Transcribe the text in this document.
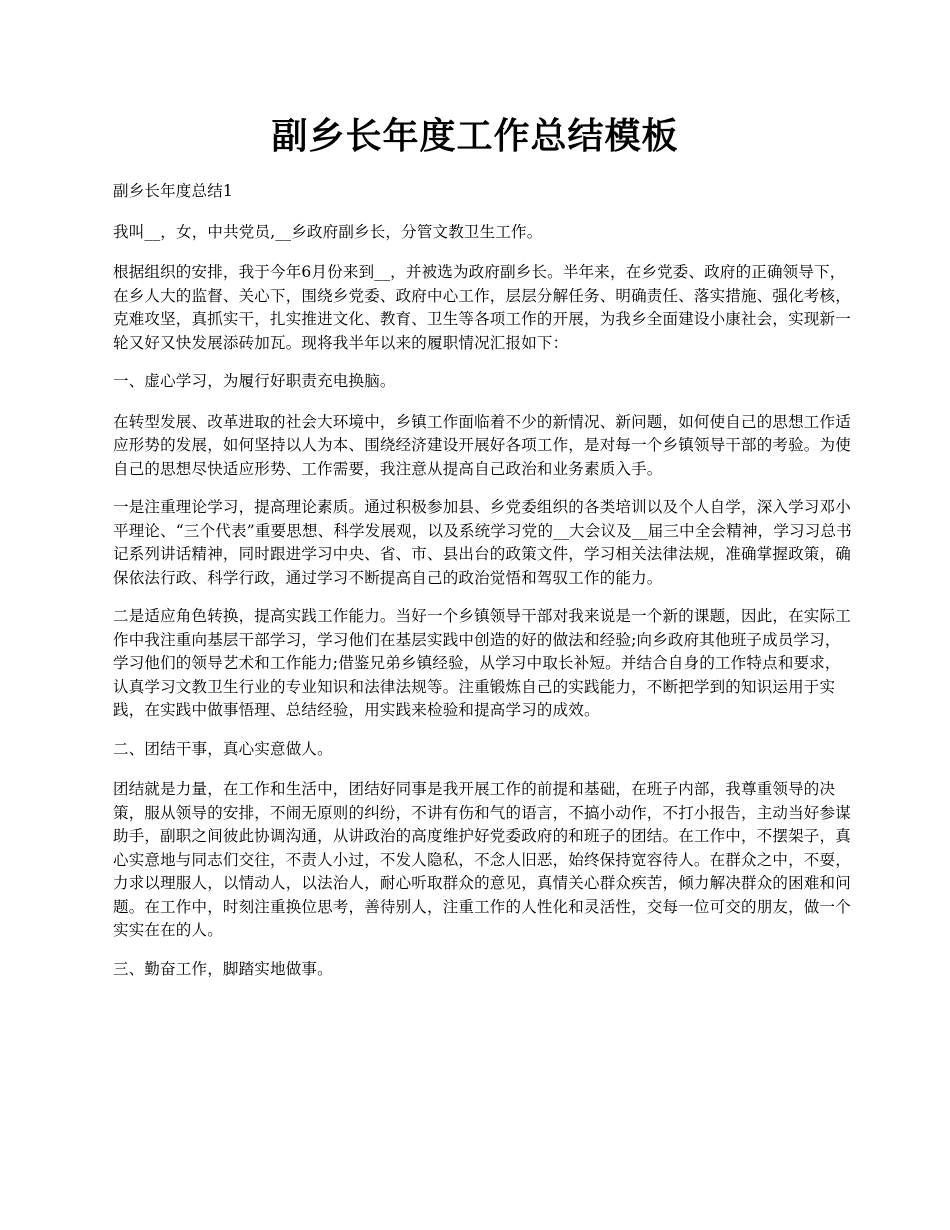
副乡长年度工作总结模板

副乡长年度总结1

我叫__，女，中共党员,__乡政府副乡长，分管文教卫生工作。

根据组织的安排，我于今年6月份来到__，并被选为政府副乡长。半年来，在乡党委、政府的正确领导下，在乡人大的监督、关心下，围绕乡党委、政府中心工作，层层分解任务、明确责任、落实措施、强化考核，克难攻坚，真抓实干，扎实推进文化、教育、卫生等各项工作的开展，为我乡全面建设小康社会，实现新一轮又好又快发展添砖加瓦。现将我半年以来的履职情况汇报如下：

一、虚心学习，为履行好职责充电换脑。

在转型发展、改革进取的社会大环境中，乡镇工作面临着不少的新情况、新问题，如何使自己的思想工作适应形势的发展，如何坚持以人为本、围绕经济建设开展好各项工作，是对每一个乡镇领导干部的考验。为使自己的思想尽快适应形势、工作需要，我注意从提高自己政治和业务素质入手。

一是注重理论学习，提高理论素质。通过积极参加县、乡党委组织的各类培训以及个人自学，深入学习邓小平理论、“三个代表”重要思想、科学发展观，以及系统学习党的__大会议及__届三中全会精神，学习习总书记系列讲话精神，同时跟进学习中央、省、市、县出台的政策文件，学习相关法律法规，准确掌握政策，确保依法行政、科学行政，通过学习不断提高自己的政治觉悟和驾驭工作的能力。

二是适应角色转换，提高实践工作能力。当好一个乡镇领导干部对我来说是一个新的课题，因此，在实际工作中我注重向基层干部学习，学习他们在基层实践中创造的好的做法和经验;向乡政府其他班子成员学习，学习他们的领导艺术和工作能力;借鉴兄弟乡镇经验，从学习中取长补短。并结合自身的工作特点和要求，认真学习文教卫生行业的专业知识和法律法规等。注重锻炼自己的实践能力，不断把学到的知识运用于实践，在实践中做事悟理、总结经验，用实践来检验和提高学习的成效。

二、团结干事，真心实意做人。

团结就是力量，在工作和生活中，团结好同事是我开展工作的前提和基础，在班子内部，我尊重领导的决策，服从领导的安排，不闹无原则的纠纷，不讲有伤和气的语言，不搞小动作，不打小报告，主动当好参谋助手，副职之间彼此协调沟通，从讲政治的高度维护好党委政府的和班子的团结。在工作中，不摆架子，真心实意地与同志们交往，不责人小过，不发人隐私，不念人旧恶，始终保持宽容待人。在群众之中，不耍，力求以理服人，以情动人，以法治人，耐心听取群众的意见，真情关心群众疾苦，倾力解决群众的困难和问题。在工作中，时刻注重换位思考，善待别人，注重工作的人性化和灵活性，交每一位可交的朋友，做一个实实在在的人。

三、勤奋工作，脚踏实地做事。
